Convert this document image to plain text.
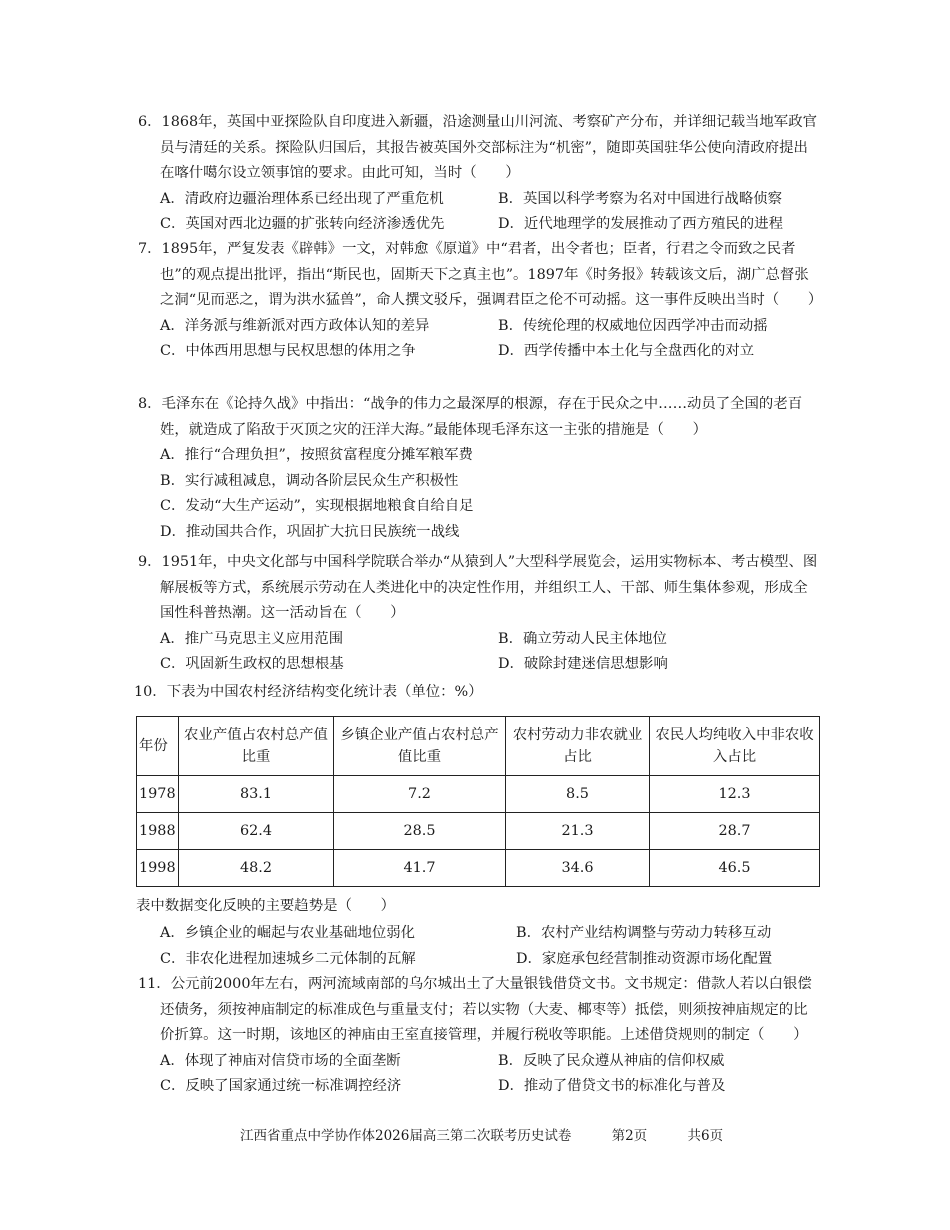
6．1868年，英国中亚探险队自印度进入新疆，沿途测量山川河流、考察矿产分布，并详细记载当地军政官员与清廷的关系。探险队归国后，其报告被英国外交部标注为“机密”，随即英国驻华公使向清政府提出在喀什噶尔设立领事馆的要求。由此可知，当时（　　）

A．清政府边疆治理体系已经出现了严重危机	B．英国以科学考察为名对中国进行战略侦察
C．英国对西北边疆的扩张转向经济渗透优先	D．近代地理学的发展推动了西方殖民的进程

7．1895年，严复发表《辟韩》一文，对韩愈《原道》中“君者，出令者也；臣者，行君之令而致之民者也”的观点提出批评，指出“斯民也，固斯天下之真主也”。1897年《时务报》转载该文后，湖广总督张之洞“见而恶之，谓为洪水猛兽”，命人撰文驳斥，强调君臣之伦不可动摇。这一事件反映出当时（　　）

A．洋务派与维新派对西方政体认知的差异	B．传统伦理的权威地位因西学冲击而动摇
C．中体西用思想与民权思想的体用之争	D．西学传播中本土化与全盘西化的对立

8．毛泽东在《论持久战》中指出：“战争的伟力之最深厚的根源，存在于民众之中……动员了全国的老百姓，就造成了陷敌于灭顶之灾的汪洋大海。”最能体现毛泽东这一主张的措施是（　　）

A．推行“合理负担”，按照贫富程度分摊军粮军费
B．实行减租减息，调动各阶层民众生产积极性
C．发动“大生产运动”，实现根据地粮食自给自足
D．推动国共合作，巩固扩大抗日民族统一战线

9．1951年，中央文化部与中国科学院联合举办“从猿到人”大型科学展览会，运用实物标本、考古模型、图解展板等方式，系统展示劳动在人类进化中的决定性作用，并组织工人、干部、师生集体参观，形成全国性科普热潮。这一活动旨在（　　）

A．推广马克思主义应用范围	B．确立劳动人民主体地位
C．巩固新生政权的思想根基	D．破除封建迷信思想影响
10．下表为中国农村经济结构变化统计表（单位：%）
年份	农业产值占农村总产值比重	乡镇企业产值占农村总产值比重	农村劳动力非农就业占比	农民人均纯收入中非农收入占比
1978	83.1	7.2	8.5	12.3
1988	62.4	28.5	21.3	28.7
1998	48.2	41.7	34.6	46.5
表中数据变化反映的主要趋势是（　　）
A．乡镇企业的崛起与农业基础地位弱化	B．农村产业结构调整与劳动力转移互动
C．非农化进程加速城乡二元体制的瓦解	D．家庭承包经营制推动资源市场化配置

11．公元前2000年左右，两河流域南部的乌尔城出土了大量银钱借贷文书。文书规定：借款人若以白银偿还债务，须按神庙制定的标准成色与重量支付；若以实物（大麦、椰枣等）抵偿，则须按神庙规定的比价折算。这一时期，该地区的神庙由王室直接管理，并履行税收等职能。上述借贷规则的制定（　　）

A．体现了神庙对信贷市场的全面垄断	B．反映了民众遵从神庙的信仰权威
C．反映了国家通过统一标准调控经济	D．推动了借贷文书的标准化与普及
江西省重点中学协作体2026届高三第二次联考历史试卷	第2页	共6页
